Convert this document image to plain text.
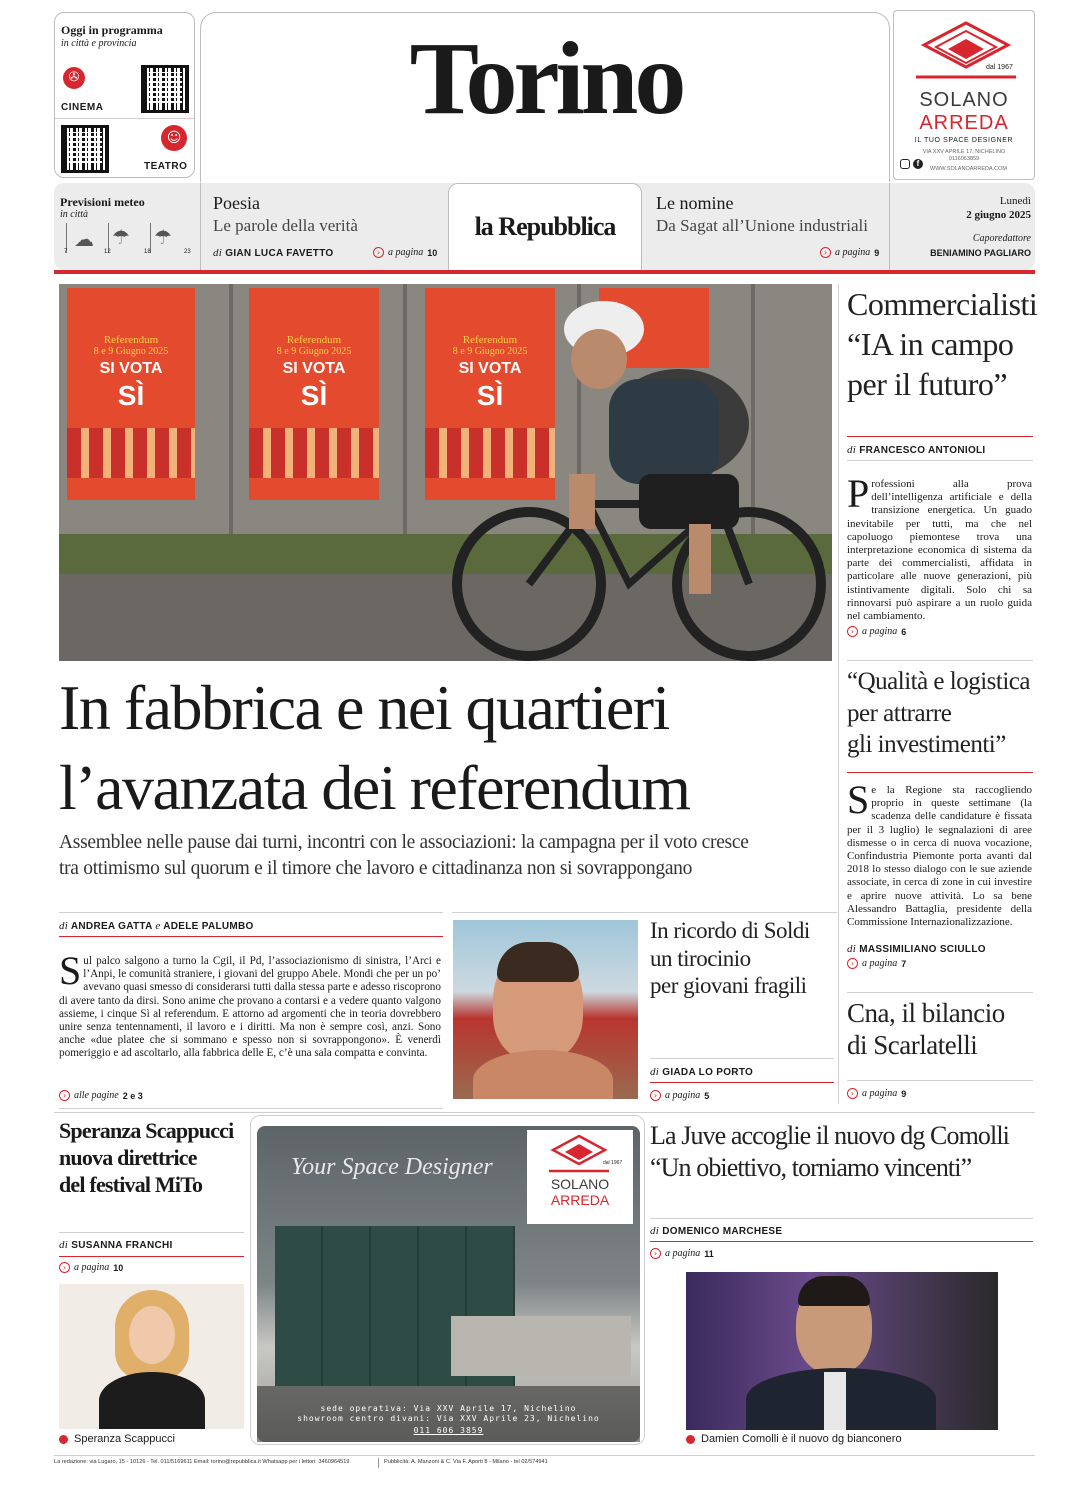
Oggi in programma
in città e provincia
✇
CINEMA
☺
TEATRO
Torino	dal 1967
SOLANO
ARREDA
IL TUO SPACE DESIGNER
VIA XXV APRILE 17, NICHELINO
0116063859
f
WWW.SOLANOARREDA.COM
Previsioni meteo
in città
☁ ☂ ☂
7	12	18	23
Poesia
Le parole della verità
di GIAN LUCA FAVETTO	› a pagina 10
la Repubblica
Le nomine
Da Sagat all’Unione industriali
› a pagina 9
Lunedì
2 giugno 2025
Caporedattore
BENIAMINO PAGLIARO
Referendum
8 e 9 Giugno 2025
SI VOTA
SÌ
Referendum
8 e 9 Giugno 2025
SI VOTA
SÌ
Referendum
8 e 9 Giugno 2025
SI VOTA
SÌ
In fabbrica e nei quartieri
l’avanzata dei referendum
Assemblee nelle pause dai turni, incontri con le associazioni: la campagna per il voto cresce
tra ottimismo sul quorum e il timore che lavoro e cittadinanza non si sovrappongano
di ANDREA GATTA e ADELE PALUMBO
Sul palco salgono a turno la Cgil, il Pd, l’associazionismo di sinistra, l’Arci e l’Anpi, le comunità straniere, i giovani del gruppo Abele. Mondi che per un po’ avevano quasi smesso di considerarsi tutti dalla stessa parte e adesso riscoprono di avere tanto da dirsi. Sono anime che provano a contarsi e a vedere quanto valgono assieme, i cinque Sì al referendum. E attorno ad argomenti che in teoria dovrebbero unire senza tentennamenti, il lavoro e i diritti. Ma non è sempre così, anzi. Sono anche «due platee che si sommano e spesso non si sovrappongono». È venerdì pomeriggio e ad ascoltarlo, alla fabbrica delle E, c’è una sala compatta e convinta.
› alle pagine 2 e 3
In ricordo di Soldi
un tirocinio
per giovani fragili
di GIADA LO PORTO
› a pagina 5
Commercialisti
“IA in campo
per il futuro”
di FRANCESCO ANTONIOLI
Professioni alla prova dell’intelligenza artificiale e della transizione energetica. Un guado inevitabile per tutti, ma che nel capoluogo piemontese trova una interpretazione economica di sistema da parte dei commercialisti, affidata in particolare alle nuove generazioni, più istintivamente digitali. Solo chi sa rinnovarsi può aspirare a un ruolo guida nel cambiamento.
› a pagina 6
“Qualità e logistica
per attrarre
gli investimenti”
Se la Regione sta raccogliendo proprio in queste settimane (la scadenza delle candidature è fissata per il 3 luglio) le segnalazioni di aree dismesse o in cerca di nuova vocazione, Confindustria Piemonte porta avanti dal 2018 lo stesso dialogo con le sue aziende associate, in cerca di zone in cui investire e aprire nuove attività. Lo sa bene Alessandro Battaglia, presidente della Commissione Internazionalizzazione.
di MASSIMILIANO SCIULLO
› a pagina 7
Cna, il bilancio
di Scarlatelli
› a pagina 9
Speranza Scappucci
nuova direttrice
del festival MiTo
di SUSANNA FRANCHI
› a pagina 10
Speranza Scappucci
Your Space Designer	dal 1967
SOLANO
ARREDA
sede operativa: Via XXV Aprile 17, Nichelino
showroom centro divani: Via XXV Aprile 23, Nichelino
011 606 3859
La Juve accoglie il nuovo dg Comolli
“Un obiettivo, torniamo vincenti”
di DOMENICO MARCHESE
› a pagina 11
Damien Comolli è il nuovo dg bianconero
La redazione: via Lugaro, 15 - 10126 - Tel. 011/5169611 Email: torino@repubblica.it Whatsapp per i lettori: 3460964519	Pubblicità: A. Manzoni & C. Via F. Aporti 8 - Milano - tel 02/574941
